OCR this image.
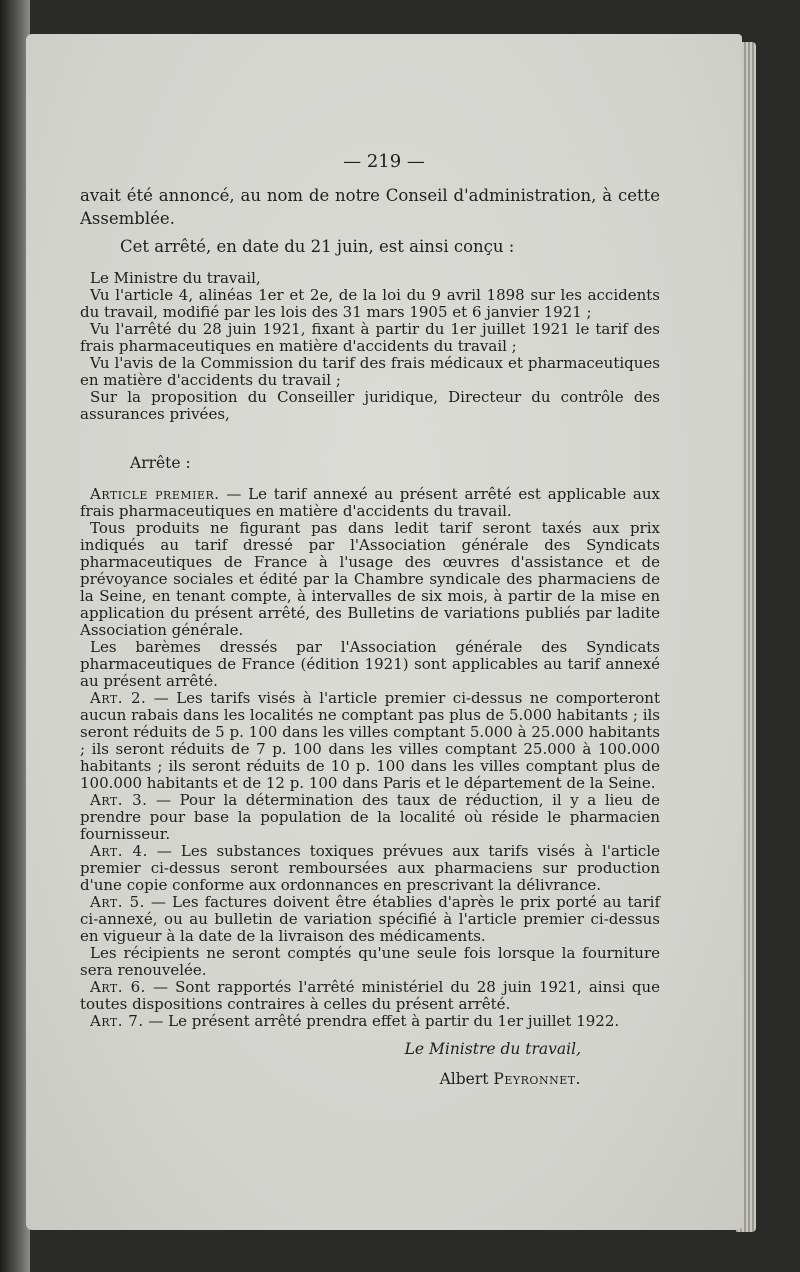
— 219 —

avait été annoncé, au nom de notre Conseil d'administration, à cette Assemblée.

Cet arrêté, en date du 21 juin, est ainsi conçu :

Le Ministre du travail,

Vu l'article 4, alinéas 1er et 2e, de la loi du 9 avril 1898 sur les accidents du travail, modifié par les lois des 31 mars 1905 et 6 janvier 1921 ;

Vu l'arrêté du 28 juin 1921, fixant à partir du 1er juillet 1921 le tarif des frais pharmaceutiques en matière d'accidents du travail ;

Vu l'avis de la Commission du tarif des frais médicaux et pharmaceutiques en matière d'accidents du travail ;

Sur la proposition du Conseiller juridique, Directeur du contrôle des assurances privées,

Arrête :

Article premier. — Le tarif annexé au présent arrêté est applicable aux frais pharmaceutiques en matière d'accidents du travail.

Tous produits ne figurant pas dans ledit tarif seront taxés aux prix indiqués au tarif dressé par l'Association générale des Syndicats pharmaceutiques de France à l'usage des œuvres d'assistance et de prévoyance sociales et édité par la Chambre syndicale des pharmaciens de la Seine, en tenant compte, à intervalles de six mois, à partir de la mise en application du présent arrêté, des Bulletins de variations publiés par ladite Association générale.

Les barèmes dressés par l'Association générale des Syndicats pharmaceutiques de France (édition 1921) sont applicables au tarif annexé au présent arrêté.

Art. 2. — Les tarifs visés à l'article premier ci-dessus ne comporteront aucun rabais dans les localités ne comptant pas plus de 5.000 habitants ; ils seront réduits de 5 p. 100 dans les villes comptant 5.000 à 25.000 habitants ; ils seront réduits de 7 p. 100 dans les villes comptant 25.000 à 100.000 habitants ; ils seront réduits de 10 p. 100 dans les villes comptant plus de 100.000 habitants et de 12 p. 100 dans Paris et le département de la Seine.

Art. 3. — Pour la détermination des taux de réduction, il y a lieu de prendre pour base la population de la localité où réside le pharmacien fournisseur.

Art. 4. — Les substances toxiques prévues aux tarifs visés à l'article premier ci-dessus seront remboursées aux pharmaciens sur production d'une copie conforme aux ordonnances en prescrivant la délivrance.

Art. 5. — Les factures doivent être établies d'après le prix porté au tarif ci-annexé, ou au bulletin de variation spécifié à l'article premier ci-dessus en vigueur à la date de la livraison des médicaments.

Les récipients ne seront comptés qu'une seule fois lorsque la fourniture sera renouvelée.

Art. 6. — Sont rapportés l'arrêté ministériel du 28 juin 1921, ainsi que toutes dispositions contraires à celles du présent arrêté.

Art. 7. — Le présent arrêté prendra effet à partir du 1er juillet 1922.

Le Ministre du travail,
Albert Peyronnet.
